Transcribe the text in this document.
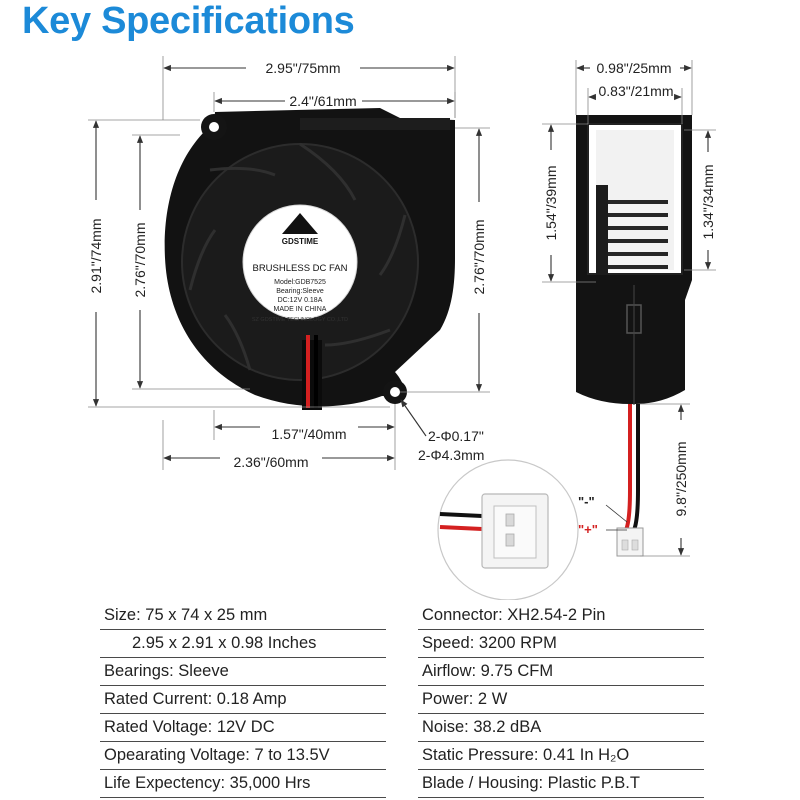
Key Specifications
GDSTIME
BRUSHLESS DC FAN
Model:GDB7525
Bearing:Sleeve
DC:12V 0.18A
MADE IN CHINA
SZ GDSTIME TECHNOLOGY CO.,LTD
2.95"/75mm
2.4"/61mm
2.91"/74mm 2.76"/70mm	2.76"/70mm
1.57"/40mm
2.36"/60mm
2-Φ0.17"
2-Φ4.3mm
0.98"/25mm
0.83"/21mm
1.54"/39mm	1.34"/34mm
9.8"/250mm
"-"
"+"
Size: 75 x 74 x 25 mm	Connector: XH2.54-2 Pin
2.95 x 2.91 x 0.98 Inches	Speed: 3200 RPM
Bearings: Sleeve	Airflow: 9.75 CFM
Rated Current: 0.18 Amp	Power: 2 W
Rated Voltage: 12V DC	Noise: 38.2 dBA
Opearating Voltage: 7 to 13.5V	Static Pressure: 0.41 In H₂O
Life Expectency: 35,000 Hrs	Blade / Housing: Plastic P.B.T
